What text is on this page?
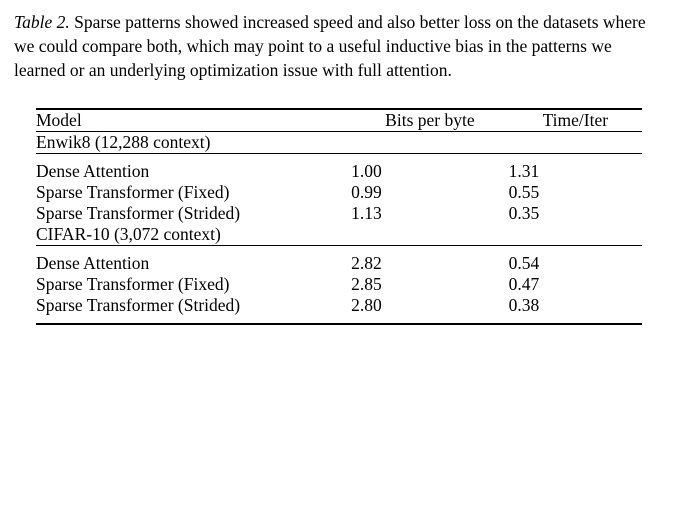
Table 2. Sparse patterns showed increased speed and also better loss on the datasets where we could compare both, which may point to a useful inductive bias in the patterns we learned or an underlying optimization issue with full attention.

Model	Bits per byte	Time/Iter

Enwik8 (12,288 context)		

Dense Attention	1.00	1.31
Sparse Transformer (Fixed)	0.99	0.55
Sparse Transformer (Strided)	1.13	0.35
CIFAR-10 (3,072 context)		

Dense Attention	2.82	0.54
Sparse Transformer (Fixed)	2.85	0.47
Sparse Transformer (Strided)	2.80	0.38
